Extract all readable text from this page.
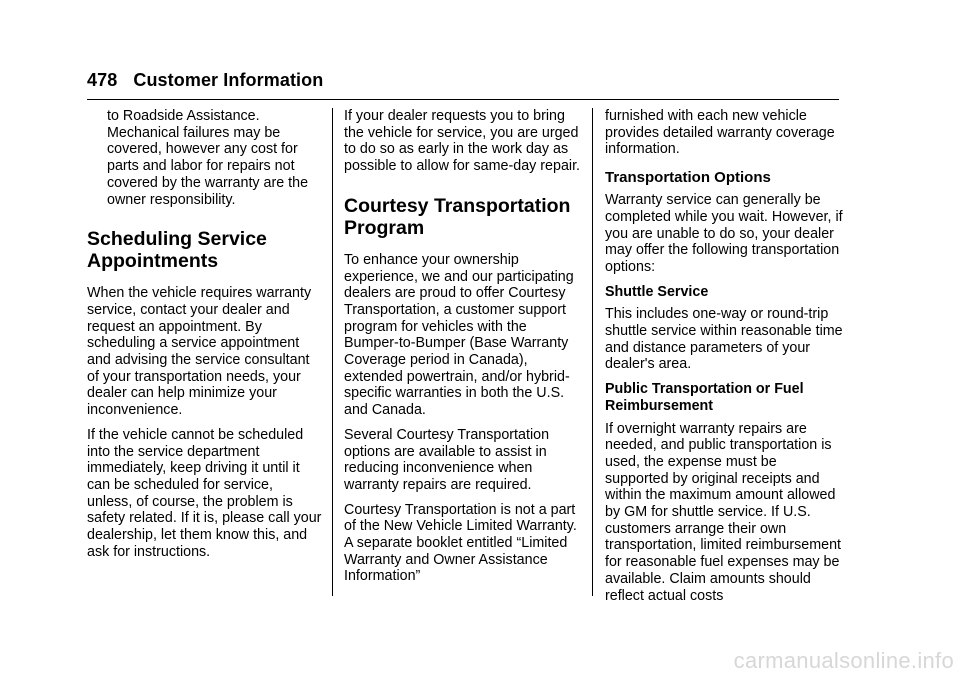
478 Customer Information

to Roadside Assistance. Mechanical failures may be covered, however any cost for parts and labor for repairs not covered by the warranty are the owner responsibility.

Scheduling Service Appointments

When the vehicle requires warranty service, contact your dealer and request an appointment. By scheduling a service appointment and advising the service consultant of your transportation needs, your dealer can help minimize your inconvenience.

If the vehicle cannot be scheduled into the service department immediately, keep driving it until it can be scheduled for service, unless, of course, the problem is safety related. If it is, please call your dealership, let them know this, and ask for instructions.

If your dealer requests you to bring the vehicle for service, you are urged to do so as early in the work day as possible to allow for same-day repair.

Courtesy Transportation Program

To enhance your ownership experience, we and our participating dealers are proud to offer Courtesy Transportation, a customer support program for vehicles with the Bumper-to-Bumper (Base Warranty Coverage period in Canada), extended powertrain, and/or hybrid-specific warranties in both the U.S. and Canada.

Several Courtesy Transportation options are available to assist in reducing inconvenience when warranty repairs are required.

Courtesy Transportation is not a part of the New Vehicle Limited Warranty. A separate booklet entitled “Limited Warranty and Owner Assistance Information”

furnished with each new vehicle provides detailed warranty coverage information.

Transportation Options

Warranty service can generally be completed while you wait. However, if you are unable to do so, your dealer may offer the following transportation options:

Shuttle Service

This includes one-way or round-trip shuttle service within reasonable time and distance parameters of your dealer's area.

Public Transportation or Fuel Reimbursement

If overnight warranty repairs are needed, and public transportation is used, the expense must be supported by original receipts and within the maximum amount allowed by GM for shuttle service. If U.S. customers arrange their own transportation, limited reimbursement for reasonable fuel expenses may be available. Claim amounts should reflect actual costs

carmanualsonline.info
